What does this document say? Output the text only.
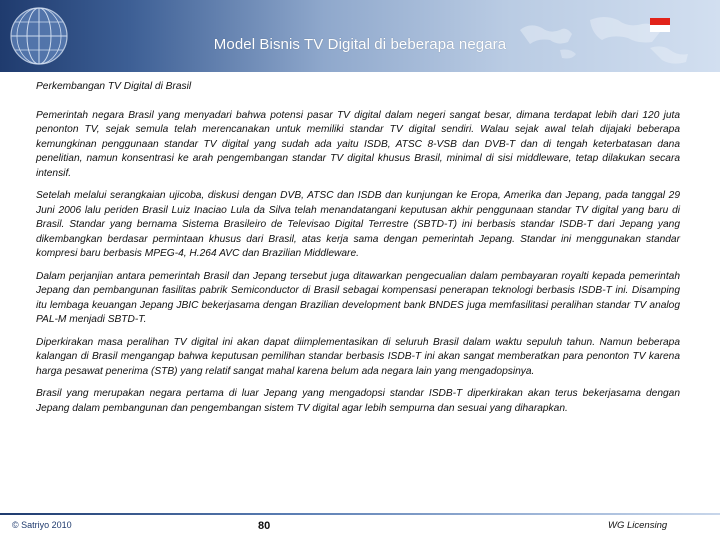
Model Bisnis TV Digital di beberapa negara
Perkembangan TV Digital di Brasil

Pemerintah negara Brasil yang menyadari bahwa potensi pasar TV digital dalam negeri sangat besar, dimana terdapat lebih dari 120 juta penonton TV, sejak semula telah merencanakan untuk memiliki standar TV digital sendiri. Walau sejak awal telah dijajaki beberapa kemungkinan penggunaan standar TV digital yang sudah ada yaitu ISDB, ATSC 8-VSB dan DVB-T dan di tengah keterbatasan dana penelitian, namun konsentrasi ke arah pengembangan standar TV digital khusus Brasil, minimal di sisi middleware, tetap dilakukan secara intensif.

Setelah melalui serangkaian ujicoba, diskusi dengan DVB, ATSC dan ISDB dan kunjungan ke Eropa, Amerika dan Jepang, pada tanggal 29 Juni 2006 lalu periden Brasil Luiz Inaciao Lula da Silva telah menandatangani keputusan akhir penggunaan standar TV digital yang baru di Brasil. Standar yang bernama Sistema Brasileiro de Televisao Digital Terrestre (SBTD-T) ini berbasis standar ISDB-T dari Jepang yang dikembangkan berdasar permintaan khusus dari Brasil, atas kerja sama dengan pemerintah Jepang. Standar ini menggunakan standar kompresi baru berbasis MPEG-4, H.264 AVC dan Brazilian Middleware.

Dalam perjanjian antara pemerintah Brasil dan Jepang tersebut juga ditawarkan pengecualian dalam pembayaran royalti kepada pemerintah Jepang dan pembangunan fasilitas pabrik Semiconductor di Brasil sebagai kompensasi penerapan teknologi berbasis ISDB-T ini. Disamping itu lembaga keuangan Jepang JBIC bekerjasama dengan Brazilian development bank BNDES juga memfasilitasi peralihan standar TV analog PAL-M menjadi SBTD-T.

Diperkirakan masa peralihan TV digital ini akan dapat diimplementasikan di seluruh Brasil dalam waktu sepuluh tahun. Namun beberapa kalangan di Brasil mengangap bahwa keputusan pemilihan standar berbasis ISDB-T ini akan sangat memberatkan para penonton TV karena harga pesawat penerima (STB) yang relatif sangat mahal karena belum ada negara lain yang mengadopsinya.

Brasil yang merupakan negara pertama di luar Jepang yang mengadopsi standar ISDB-T diperkirakan akan terus bekerjasama dengan Jepang dalam pembangunan dan pengembangan sistem TV digital agar lebih sempurna dan sesuai yang diharapkan.

© Satriyo 2010	80	WG Licensing
